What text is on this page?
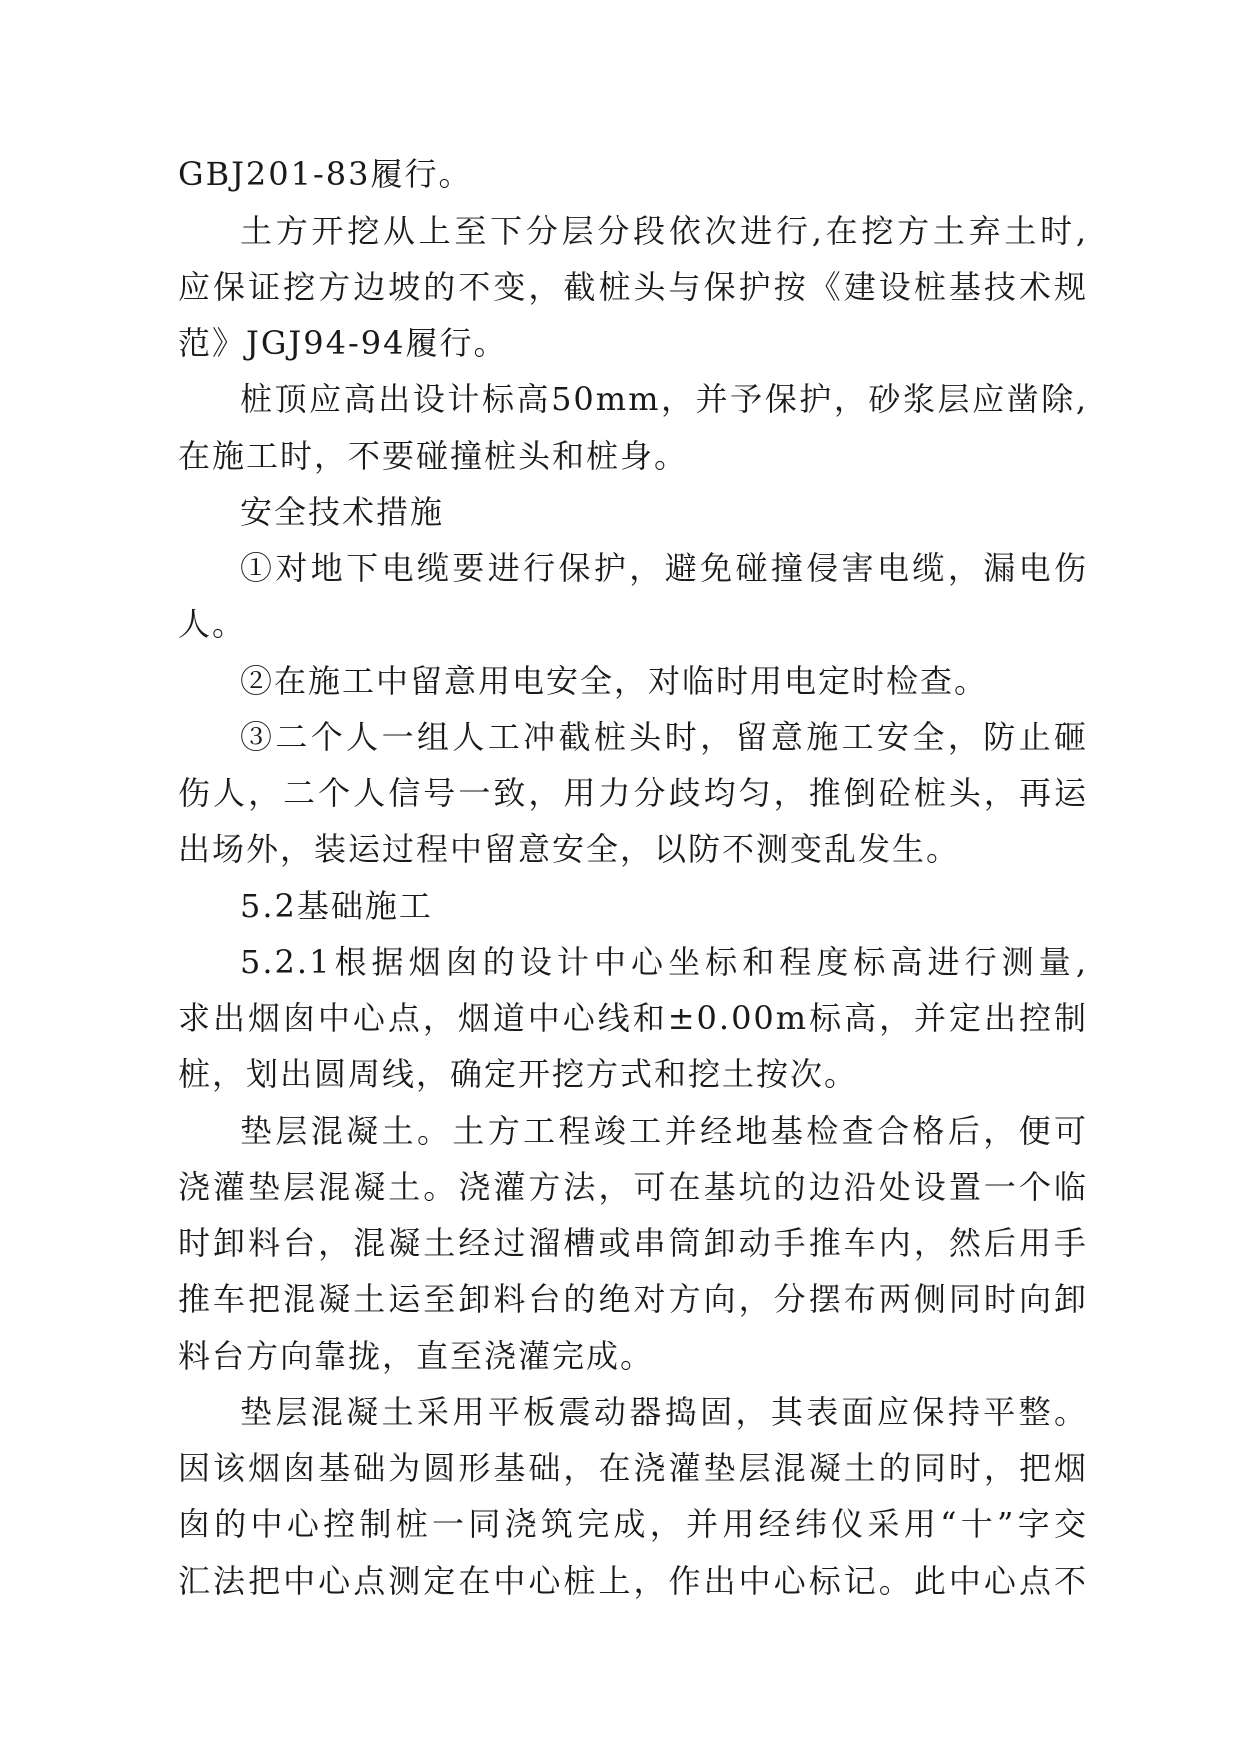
GBJ201-83履行。
土方开挖从上至下分层分段依次进行,在挖方土弃土时,
应保证挖方边坡的不变，截桩头与保护按《建设桩基技术规
范》JGJ94-94履行。
桩顶应高出设计标高50mm，并予保护，砂浆层应凿除,
在施工时，不要碰撞桩头和桩身。
安全技术措施
①对地下电缆要进行保护，避免碰撞侵害电缆，漏电伤
人。
②在施工中留意用电安全，对临时用电定时检查。
③二个人一组人工冲截桩头时，留意施工安全，防止砸
伤人，二个人信号一致，用力分歧均匀，推倒砼桩头，再运
出场外，装运过程中留意安全，以防不测变乱发生。
5.2基础施工
5.2.1根据烟囱的设计中心坐标和程度标高进行测量,
求出烟囱中心点，烟道中心线和±0.00m标高，并定出控制
桩，划出圆周线，确定开挖方式和挖土按次。
垫层混凝土。土方工程竣工并经地基检查合格后，便可
浇灌垫层混凝土。浇灌方法，可在基坑的边沿处设置一个临
时卸料台，混凝土经过溜槽或串筒卸动手推车内，然后用手
推车把混凝土运至卸料台的绝对方向，分摆布两侧同时向卸
料台方向靠拢，直至浇灌完成。
垫层混凝土采用平板震动器捣固，其表面应保持平整。
因该烟囱基础为圆形基础，在浇灌垫层混凝土的同时，把烟
囱的中心控制桩一同浇筑完成，并用经纬仪采用“十”字交
汇法把中心点测定在中心桩上，作出中心标记。此中心点不
